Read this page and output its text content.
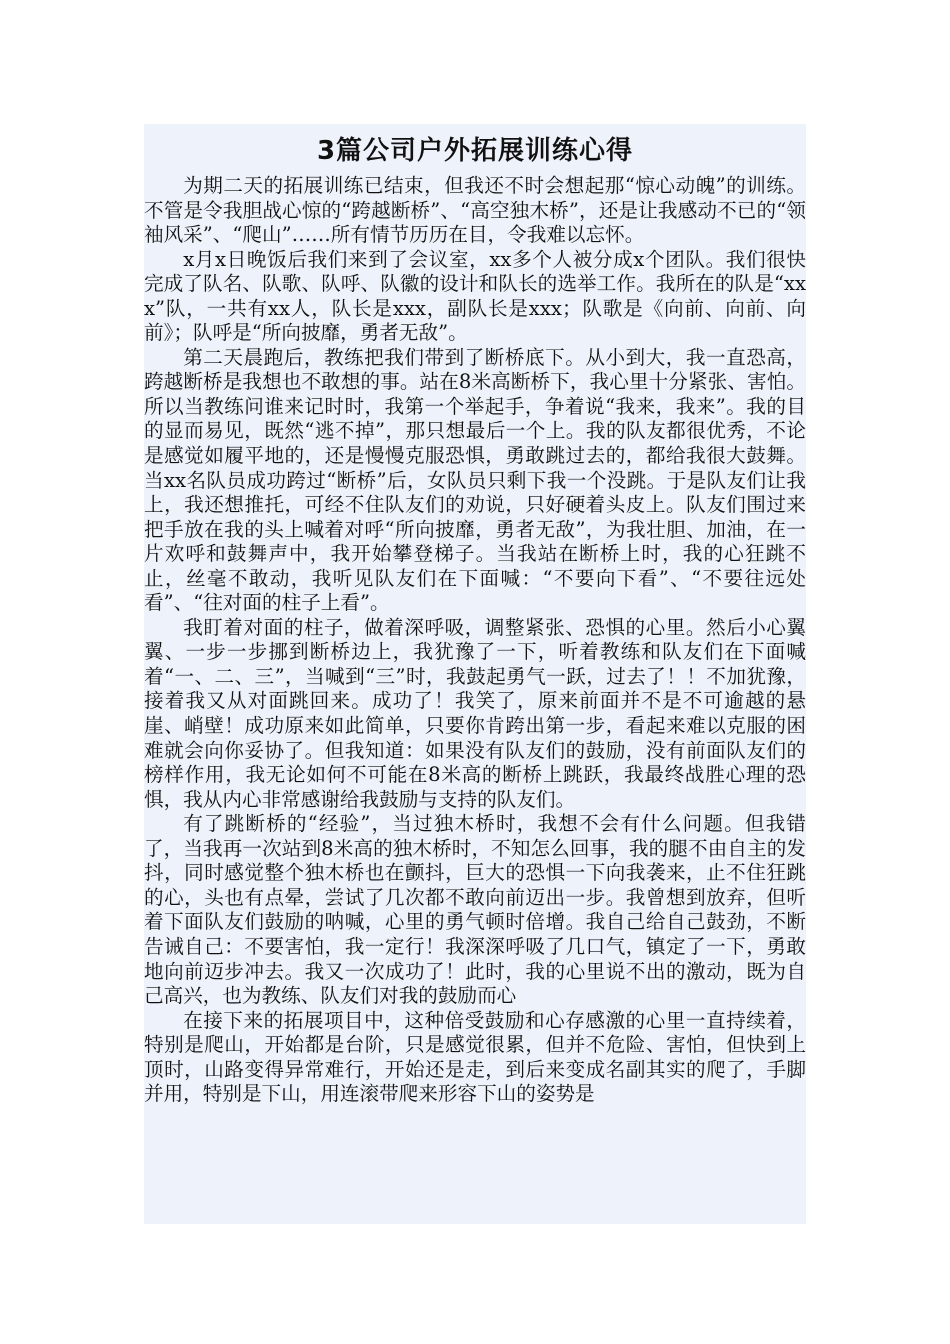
3篇公司户外拓展训练心得

为期二天的拓展训练已结束，但我还不时会想起那“惊心动魄”的训练。不管是令我胆战心惊的“跨越断桥”、“高空独木桥”，还是让我感动不已的“领袖风采”、“爬山”……所有情节历历在目，令我难以忘怀。

x月x日晚饭后我们来到了会议室，xx多个人被分成x个团队。我们很快完成了队名、队歌、队呼、队徽的设计和队长的选举工作。我所在的队是“xxx”队，一共有xx人，队长是xxx，副队长是xxx；队歌是《向前、向前、向前》；队呼是“所向披靡，勇者无敌”。

第二天晨跑后，教练把我们带到了断桥底下。从小到大，我一直恐高，跨越断桥是我想也不敢想的事。站在8米高断桥下，我心里十分紧张、害怕。所以当教练问谁来记时时，我第一个举起手，争着说“我来，我来”。我的目的显而易见，既然“逃不掉”，那只想最后一个上。我的队友都很优秀，不论是感觉如履平地的，还是慢慢克服恐惧，勇敢跳过去的，都给我很大鼓舞。当xx名队员成功跨过“断桥”后，女队员只剩下我一个没跳。于是队友们让我上，我还想推托，可经不住队友们的劝说，只好硬着头皮上。队友们围过来把手放在我的头上喊着对呼“所向披靡，勇者无敌”，为我壮胆、加油，在一片欢呼和鼓舞声中，我开始攀登梯子。当我站在断桥上时，我的心狂跳不止，丝毫不敢动，我听见队友们在下面喊：“不要向下看”、“不要往远处看”、“往对面的柱子上看”。

我盯着对面的柱子，做着深呼吸，调整紧张、恐惧的心里。然后小心翼翼、一步一步挪到断桥边上，我犹豫了一下，听着教练和队友们在下面喊着“一、二、三”，当喊到“三”时，我鼓起勇气一跃，过去了！！不加犹豫，接着我又从对面跳回来。成功了！我笑了，原来前面并不是不可逾越的悬崖、峭壁！成功原来如此简单，只要你肯跨出第一步，看起来难以克服的困难就会向你妥协了。但我知道：如果没有队友们的鼓励，没有前面队友们的榜样作用，我无论如何不可能在8米高的断桥上跳跃，我最终战胜心理的恐惧，我从内心非常感谢给我鼓励与支持的队友们。

有了跳断桥的“经验”，当过独木桥时，我想不会有什么问题。但我错了，当我再一次站到8米高的独木桥时，不知怎么回事，我的腿不由自主的发抖，同时感觉整个独木桥也在颤抖，巨大的恐惧一下向我袭来，止不住狂跳的心，头也有点晕，尝试了几次都不敢向前迈出一步。我曾想到放弃，但听着下面队友们鼓励的呐喊，心里的勇气顿时倍增。我自己给自己鼓劲，不断告诫自己：不要害怕，我一定行！我深深呼吸了几口气，镇定了一下，勇敢地向前迈步冲去。我又一次成功了！此时，我的心里说不出的激动，既为自己高兴，也为教练、队友们对我的鼓励而心

在接下来的拓展项目中，这种倍受鼓励和心存感激的心里一直持续着，特别是爬山，开始都是台阶，只是感觉很累，但并不危险、害怕，但快到上顶时，山路变得异常难行，开始还是走，到后来变成名副其实的爬了，手脚并用，特别是下山，用连滚带爬来形容下山的姿势是
